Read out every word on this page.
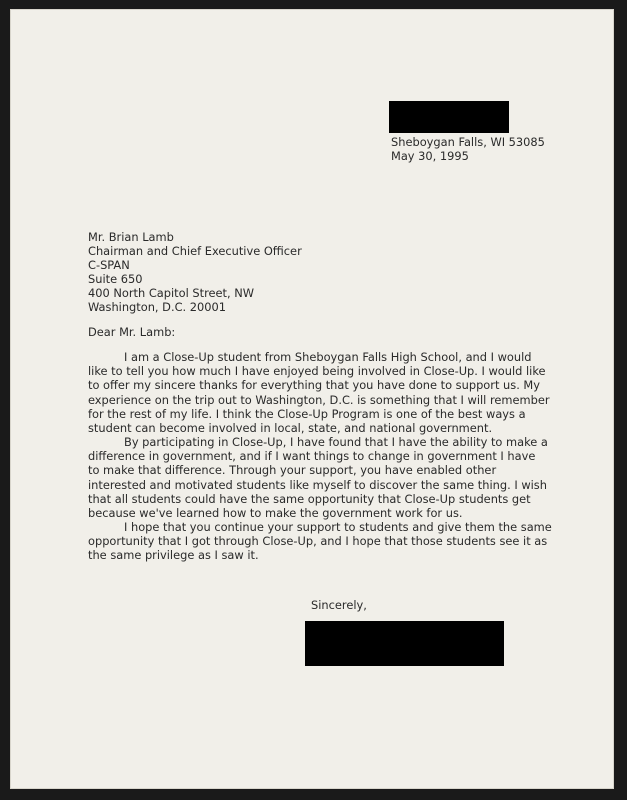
Sheboygan Falls, WI 53085
May 30, 1995
Mr. Brian Lamb
Chairman and Chief Executive Officer
C-SPAN
Suite 650
400 North Capitol Street, NW
Washington, D.C. 20001
Dear Mr. Lamb:
I am a Close-Up student from Sheboygan Falls High School, and I would
like to tell you how much I have enjoyed being involved in Close-Up. I would like
to offer my sincere thanks for everything that you have done to support us. My
experience on the trip out to Washington, D.C. is something that I will remember
for the rest of my life. I think the Close-Up Program is one of the best ways a
student can become involved in local, state, and national government.
By participating in Close-Up, I have found that I have the ability to make a
difference in government, and if I want things to change in government I have
to make that difference. Through your support, you have enabled other
interested and motivated students like myself to discover the same thing. I wish
that all students could have the same opportunity that Close-Up students get
because we've learned how to make the government work for us.
I hope that you continue your support to students and give them the same
opportunity that I got through Close-Up, and I hope that those students see it as
the same privilege as I saw it.
Sincerely,
